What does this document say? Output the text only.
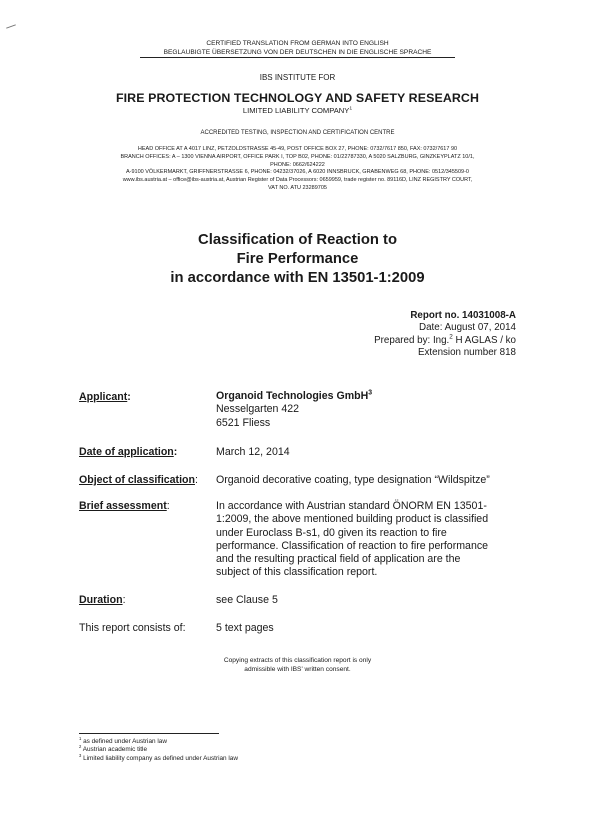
CERTIFIED TRANSLATION FROM GERMAN INTO ENGLISH
BEGLAUBIGTE ÜBERSETZUNG VON DER DEUTSCHEN IN DIE ENGLISCHE SPRACHE
IBS INSTITUTE FOR
FIRE PROTECTION TECHNOLOGY AND SAFETY RESEARCH
LIMITED LIABILITY COMPANY$^1$
ACCREDITED TESTING, INSPECTION AND CERTIFICATION CENTRE
HEAD OFFICE AT A 4017 LINZ, PETZOLDSTRASSE 45-49, POST OFFICE BOX 27, PHONE: 0732/7617 850, FAX: 0732/7617 90
BRANCH OFFICES: A – 1300 VIENNA AIRPORT, OFFICE PARK I, TOP B02, PHONE: 01/22787330, A 5020 SALZBURG, GINZKEYPLATZ 10/1,
PHONE: 0662/624222
A-9100 VÖLKERMARKT, GRIFFNERSTRASSE 6, PHONE: 04232/37026, A 6020 INNSBRUCK, GRABENWEG 68, PHONE: 0512/345509-0
www.ibs.austria.at – office@ibs-austria.at, Austrian Register of Data Processors: 0659959, trade register no. 89116D, LINZ REGISTRY COURT,
VAT NO. ATU 23289705
Classification of Reaction to
Fire Performance
in accordance with EN 13501-1:2009
Report no. 14031008-A
Date: August 07, 2014
Prepared by: Ing.$^2$ H AGLAS / ko
Extension number 818
Applicant:	Organoid Technologies GmbH$^3$
Nesselgarten 422
6521 Fliess
Date of application:	March 12, 2014
Object of classification: Organoid decorative coating, type designation “Wildspitze”
Brief assessment:	In accordance with Austrian standard ÖNORM EN 13501-
1:2009, the above mentioned building product is classified
under Euroclass B-s1, d0 given its reaction to fire
performance. Classification of reaction to fire performance
and the resulting practical field of application are the
subject of this classification report.
Duration:	see Clause 5
This report consists of:	5 text pages
Copying extracts of this classification report is only
admissible with IBS' written consent.
$^1$ as defined under Austrian law
$^2$ Austrian academic title
$^3$ Limited liability company as defined under Austrian law
